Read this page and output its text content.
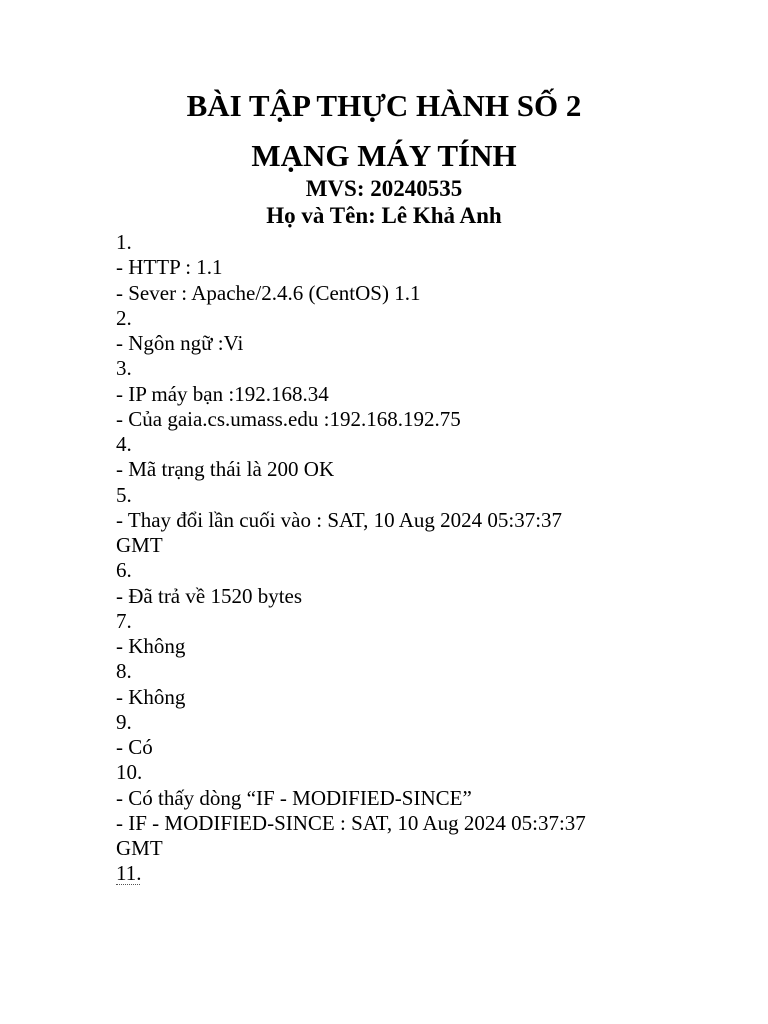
BÀI TẬP THỰC HÀNH SỐ 2
MẠNG MÁY TÍNH
MVS: 20240535
Họ và Tên: Lê Khả Anh
1.
- HTTP : 1.1
- Sever : Apache/2.4.6 (CentOS) 1.1
2.
- Ngôn ngữ :Vi
3.
- IP máy bạn :192.168.34
- Của gaia.cs.umass.edu :192.168.192.75
4.
- Mã trạng thái là 200 OK
5.
- Thay đổi lần cuối vào : SAT, 10 Aug 2024 05:37:37
GMT
6.
- Đã trả về 1520 bytes
7.
- Không
8.
- Không
9.
- Có
10.
- Có thấy dòng “IF - MODIFIED-SINCE”
- IF - MODIFIED-SINCE : SAT, 10 Aug 2024 05:37:37
GMT
11.
